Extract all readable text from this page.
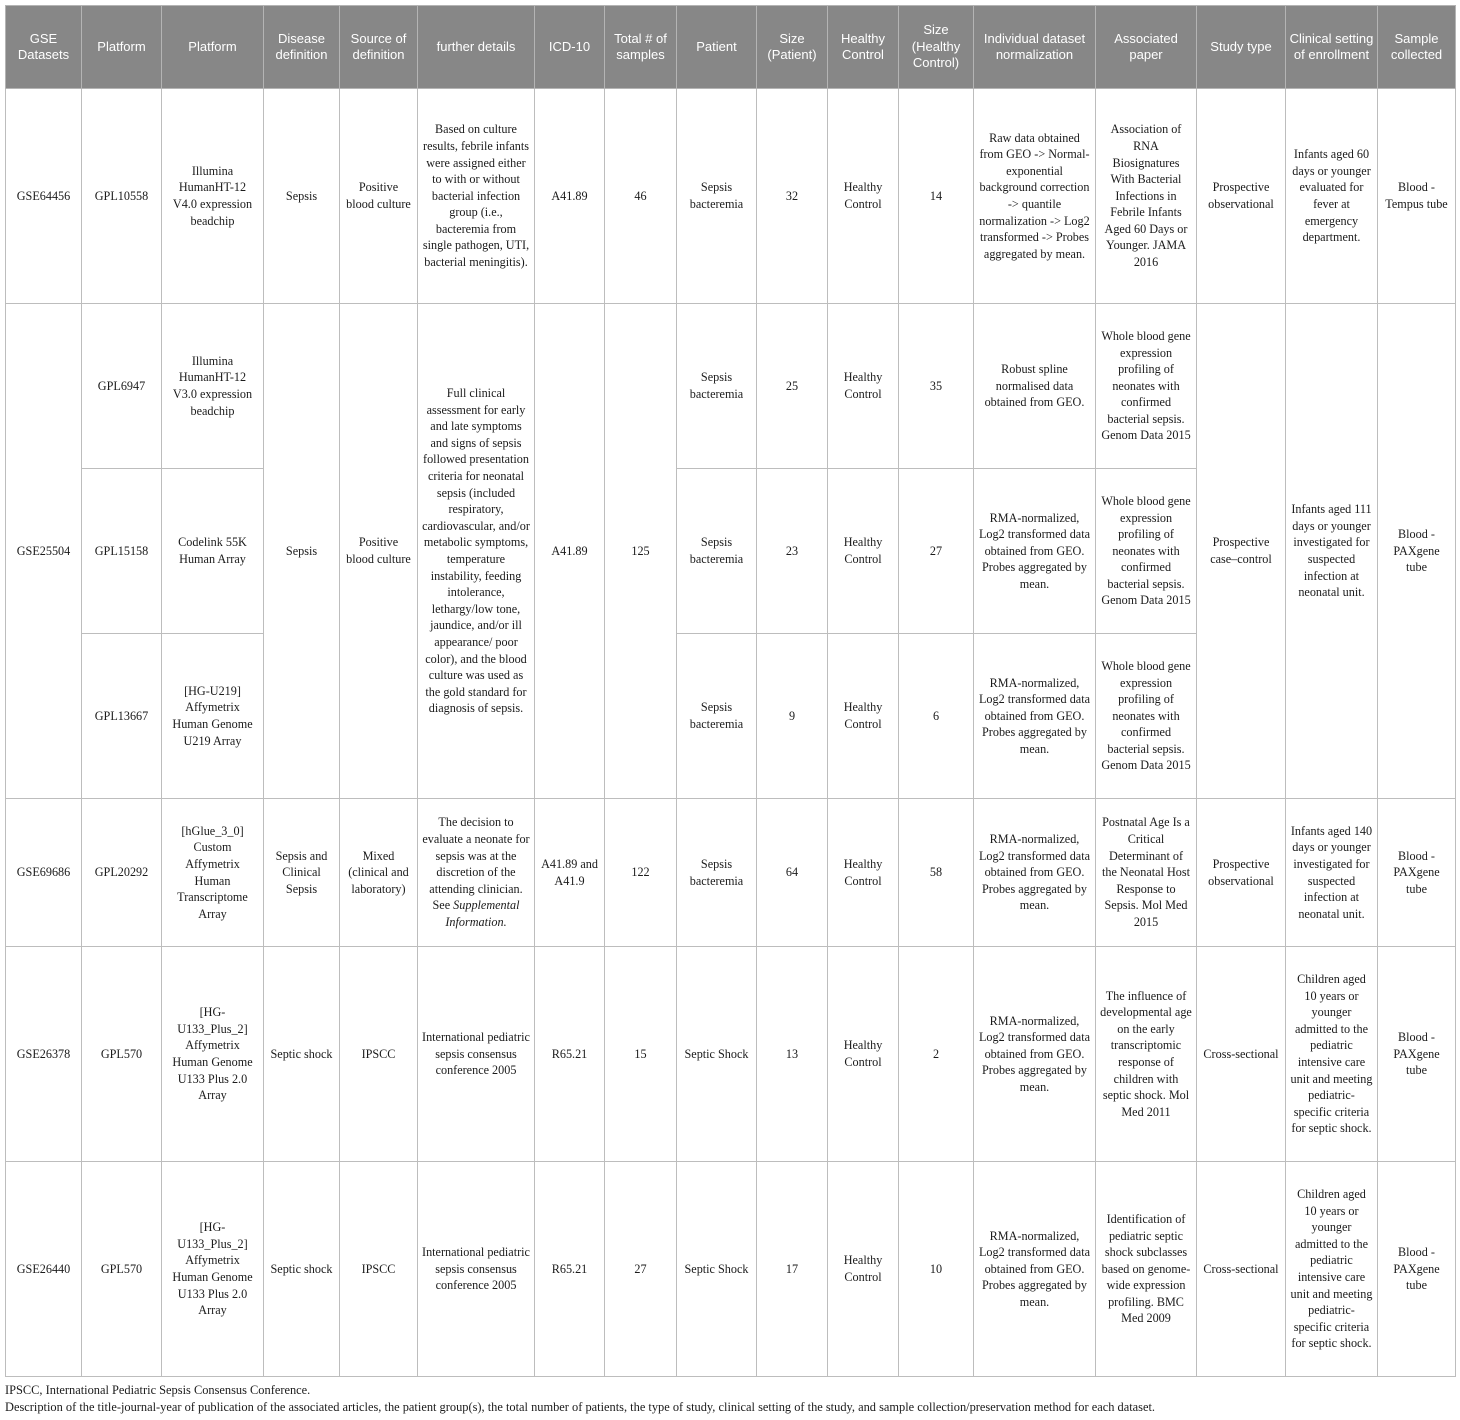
GSE Datasets	Platform	Platform	Disease definition	Source of definition	further details	ICD-10	Total # of samples	Patient	Size (Patient)	Healthy Control	Size (Healthy Control)	Individual dataset normalization	Associated paper	Study type	Clinical setting of enrollment	Sample collected
GSE64456	GPL10558	Illumina HumanHT-12 V4.0 expression beadchip	Sepsis	Positive blood culture	Based on culture results, febrile infants were assigned either to with or without bacterial infection group (i.e., bacteremia from single pathogen, UTI, bacterial meningitis).	A41.89	46	Sepsis bacteremia	32	Healthy Control	14	Raw data obtained from GEO -> Normal-exponential background correction -> quantile normalization -> Log2 transformed -> Probes aggregated by mean.	Association of RNA Biosignatures With Bacterial Infections in Febrile Infants Aged 60 Days or Younger. JAMA 2016	Prospective observational	Infants aged 60 days or younger evaluated for fever at emergency department.	Blood - Tempus tube
GSE25504	GPL6947	Illumina HumanHT-12 V3.0 expression beadchip	Sepsis	Positive blood culture	Full clinical assessment for early and late symptoms and signs of sepsis followed presentation criteria for neonatal sepsis (included respiratory, cardiovascular, and/or metabolic symptoms, temperature instability, feeding intolerance, lethargy/low tone, jaundice, and/or ill appearance/ poor color), and the blood culture was used as the gold standard for diagnosis of sepsis.	A41.89	125	Sepsis bacteremia	25	Healthy Control	35	Robust spline normalised data obtained from GEO.	Whole blood gene expression profiling of neonates with confirmed bacterial sepsis. Genom Data 2015	Prospective case–control	Infants aged 111 days or younger investigated for suspected infection at neonatal unit.	Blood - PAXgene tube
	GPL15158	Codelink 55K Human Array						Sepsis bacteremia	23	Healthy Control	27	RMA-normalized, Log2 transformed data obtained from GEO. Probes aggregated by mean.	Whole blood gene expression profiling of neonates with confirmed bacterial sepsis. Genom Data 2015			
	GPL13667	[HG-U219] Affymetrix Human Genome U219 Array						Sepsis bacteremia	9	Healthy Control	6	RMA-normalized, Log2 transformed data obtained from GEO. Probes aggregated by mean.	Whole blood gene expression profiling of neonates with confirmed bacterial sepsis. Genom Data 2015			
GSE69686	GPL20292	[hGlue_3_0] Custom Affymetrix Human Transcriptome Array	Sepsis and Clinical Sepsis	Mixed (clinical and laboratory)	The decision to evaluate a neonate for sepsis was at the discretion of the attending clinician. See Supplemental Information.	A41.89 and A41.9	122	Sepsis bacteremia	64	Healthy Control	58	RMA-normalized, Log2 transformed data obtained from GEO. Probes aggregated by mean.	Postnatal Age Is a Critical Determinant of the Neonatal Host Response to Sepsis. Mol Med 2015	Prospective observational	Infants aged 140 days or younger investigated for suspected infection at neonatal unit.	Blood - PAXgene tube
GSE26378	GPL570	[HG-U133_Plus_2] Affymetrix Human Genome U133 Plus 2.0 Array	Septic shock	IPSCC	International pediatric sepsis consensus conference 2005	R65.21	15	Septic Shock	13	Healthy Control	2	RMA-normalized, Log2 transformed data obtained from GEO. Probes aggregated by mean.	The influence of developmental age on the early transcriptomic response of children with septic shock. Mol Med 2011	Cross-sectional	Children aged 10 years or younger admitted to the pediatric intensive care unit and meeting pediatric-specific criteria for septic shock.	Blood - PAXgene tube
GSE26440	GPL570	[HG-U133_Plus_2] Affymetrix Human Genome U133 Plus 2.0 Array	Septic shock	IPSCC	International pediatric sepsis consensus conference 2005	R65.21	27	Septic Shock	17	Healthy Control	10	RMA-normalized, Log2 transformed data obtained from GEO. Probes aggregated by mean.	Identification of pediatric septic shock subclasses based on genome-wide expression profiling. BMC Med 2009	Cross-sectional	Children aged 10 years or younger admitted to the pediatric intensive care unit and meeting pediatric-specific criteria for septic shock.	Blood - PAXgene tube
IPSCC, International Pediatric Sepsis Consensus Conference.
Description of the title-journal-year of publication of the associated articles, the patient group(s), the total number of patients, the type of study, clinical setting of the study, and sample collection/preservation method for each dataset.
